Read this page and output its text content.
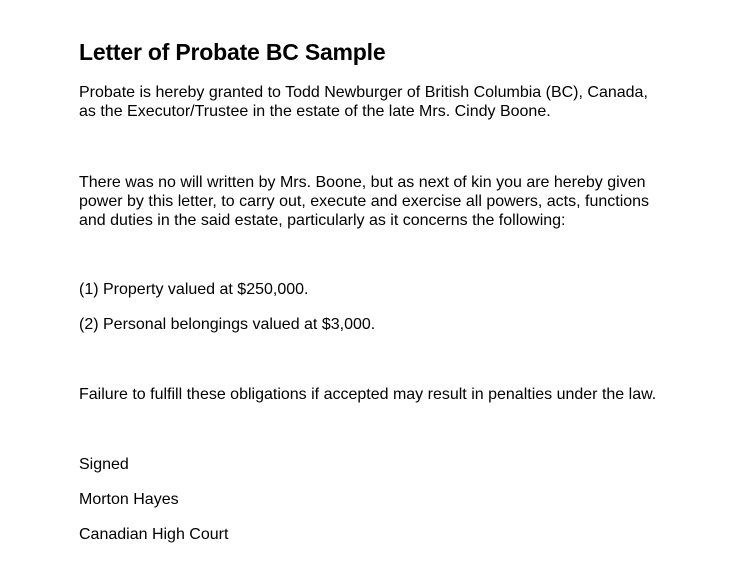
Letter of Probate BC Sample

Probate is hereby granted to Todd Newburger of British Columbia (BC), Canada,
as the Executor/Trustee in the estate of the late Mrs. Cindy Boone.

There was no will written by Mrs. Boone, but as next of kin you are hereby given
power by this letter, to carry out, execute and exercise all powers, acts, functions
and duties in the said estate, particularly as it concerns the following:

(1) Property valued at $250,000.

(2) Personal belongings valued at $3,000.

Failure to fulfill these obligations if accepted may result in penalties under the law.

Signed

Morton Hayes

Canadian High Court
